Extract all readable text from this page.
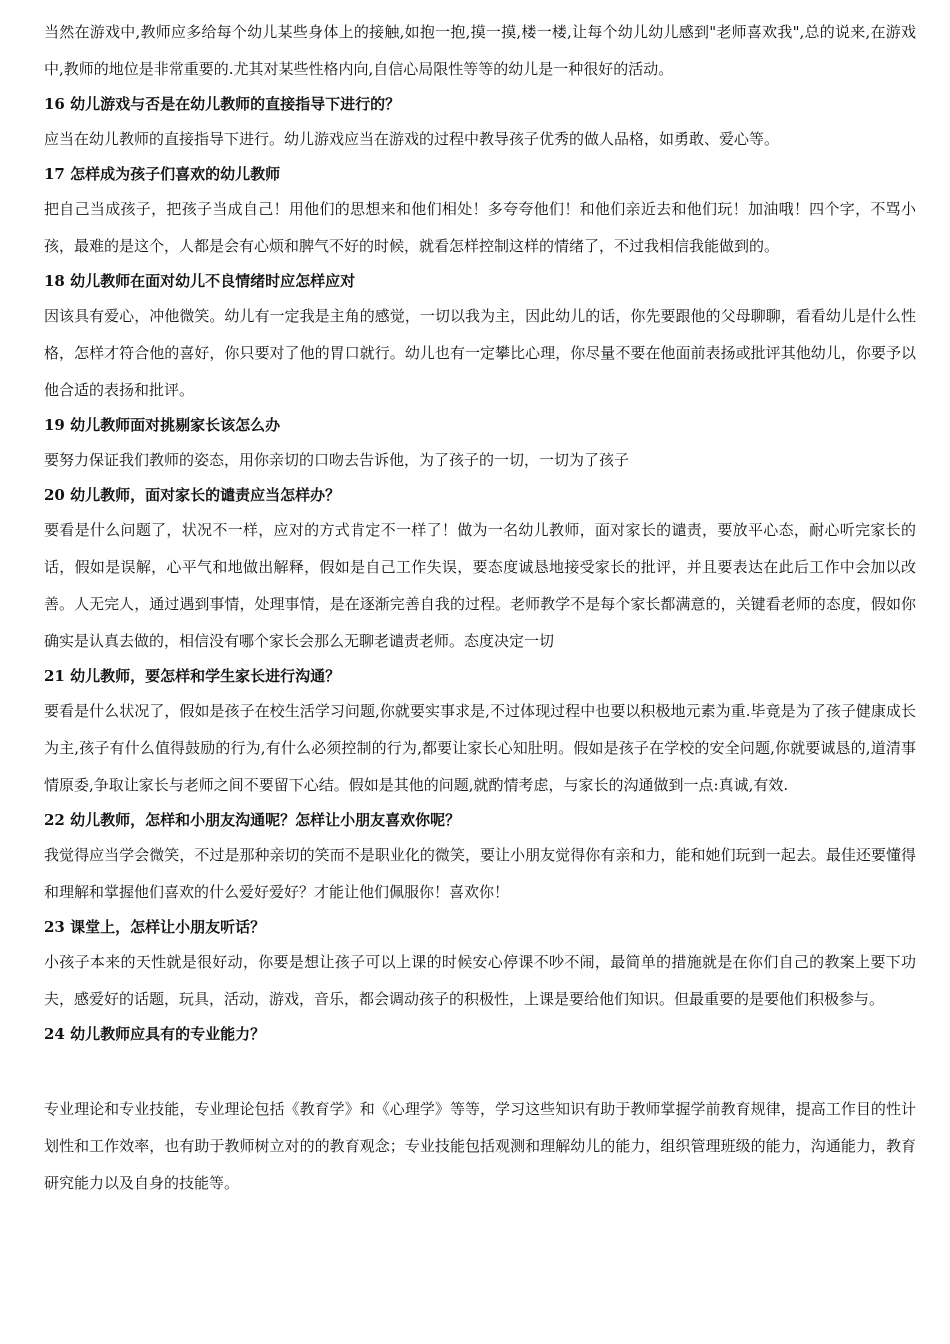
当然在游戏中,教师应多给每个幼儿某些身体上的接触,如抱一抱,摸一摸,楼一楼,让每个幼儿幼儿感到"老师喜欢我",总的说来,在游戏中,教师的地位是非常重要的.尤其对某些性格内向,自信心局限性等等的幼儿是一种很好的活动。

16 幼儿游戏与否是在幼儿教师的直接指导下进行的？

应当在幼儿教师的直接指导下进行。幼儿游戏应当在游戏的过程中教导孩子优秀的做人品格，如勇敢、爱心等。

17 怎样成为孩子们喜欢的幼儿教师

把自己当成孩子，把孩子当成自己！用他们的思想来和他们相处！多夸夸他们！和他们亲近去和他们玩！加油哦！四个字，不骂小孩，最难的是这个，人都是会有心烦和脾气不好的时候，就看怎样控制这样的情绪了，不过我相信我能做到的。

18 幼儿教师在面对幼儿不良情绪时应怎样应对

因该具有爱心，冲他微笑。幼儿有一定我是主角的感觉，一切以我为主，因此幼儿的话，你先要跟他的父母聊聊，看看幼儿是什么性格，怎样才符合他的喜好，你只要对了他的胃口就行。幼儿也有一定攀比心理，你尽量不要在他面前表扬或批评其他幼儿，你要予以他合适的表扬和批评。

19 幼儿教师面对挑剔家长该怎么办

要努力保证我们教师的姿态，用你亲切的口吻去告诉他，为了孩子的一切，一切为了孩子

20 幼儿教师，面对家长的谴责应当怎样办？

要看是什么问题了，状况不一样，应对的方式肯定不一样了！做为一名幼儿教师，面对家长的谴责，要放平心态，耐心听完家长的话，假如是误解，心平气和地做出解释，假如是自己工作失误，要态度诚恳地接受家长的批评，并且要表达在此后工作中会加以改善。人无完人，通过遇到事情，处理事情，是在逐渐完善自我的过程。老师教学不是每个家长都满意的，关键看老师的态度，假如你确实是认真去做的，相信没有哪个家长会那么无聊老谴责老师。态度决定一切

21 幼儿教师，要怎样和学生家长进行沟通？

要看是什么状况了，假如是孩子在校生活学习问题,你就要实事求是,不过体现过程中也要以积极地元素为重.毕竟是为了孩子健康成长为主,孩子有什么值得鼓励的行为,有什么必须控制的行为,都要让家长心知肚明。假如是孩子在学校的安全问题,你就要诚恳的,道清事情原委,争取让家长与老师之间不要留下心结。假如是其他的问题,就酌情考虑，与家长的沟通做到一点:真诚,有效.

22 幼儿教师，怎样和小朋友沟通呢？怎样让小朋友喜欢你呢？

我觉得应当学会微笑，不过是那种亲切的笑而不是职业化的微笑，要让小朋友觉得你有亲和力，能和她们玩到一起去。最佳还要懂得和理解和掌握他们喜欢的什么爱好爱好？才能让他们佩服你！喜欢你！

23 课堂上，怎样让小朋友听话？

小孩子本来的天性就是很好动，你要是想让孩子可以上课的时候安心停课不吵不闹，最简单的措施就是在你们自己的教案上要下功夫，感爱好的话题，玩具，活动，游戏，音乐，都会调动孩子的积极性，上课是要给他们知识。但最重要的是要他们积极参与。

24 幼儿教师应具有的专业能力？

专业理论和专业技能，专业理论包括《教育学》和《心理学》等等，学习这些知识有助于教师掌握学前教育规律，提高工作目的性计划性和工作效率，也有助于教师树立对的的教育观念；专业技能包括观测和理解幼儿的能力，组织管理班级的能力，沟通能力，教育研究能力以及自身的技能等。
